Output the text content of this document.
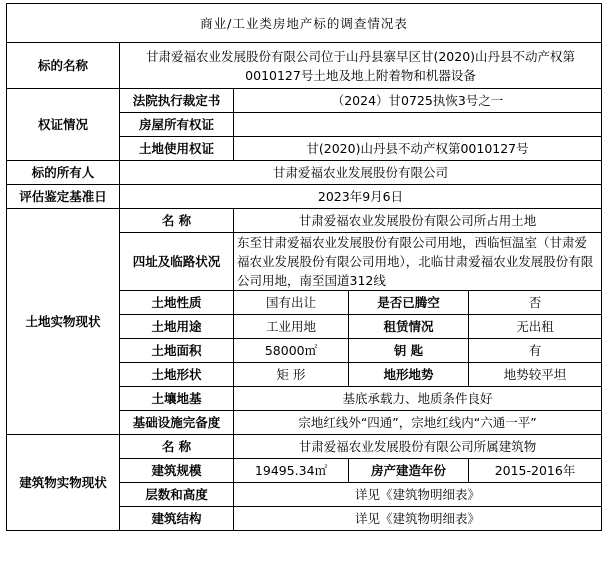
商业/工业类房地产标的调查情况表				
标的名称	甘肃爱福农业发展股份有限公司位于山丹县寨早区甘(2020)山丹县不动产权第0010127号土地及地上附着物和机器设备			
权证情况	法院执行裁定书	（2024）甘0725执恢3号之一		
	房屋所有权证			
	土地使用权证	甘(2020)山丹县不动产权第0010127号		
标的所有人	甘肃爱福农业发展股份有限公司			
评估鉴定基准日	2023年9月6日			
土地实物现状	名 称	甘肃爱福农业发展股份有限公司所占用土地		
	四址及临路状况	东至甘肃爱福农业发展股份有限公司用地，西临恒温室（甘肃爱福农业发展股份有限公司用地），北临甘肃爱福农业发展股份有限公司用地，南至国道312线		
	土地性质	国有出让	是否已腾空	否
	土地用途	工业用地	租赁情况	无出租
	土地面积	58000㎡	钥 匙	有
	土地形状	矩 形	地形地势	地势较平坦
	土壤地基	基底承载力、地质条件良好		
	基础设施完备度	宗地红线外“四通”，宗地红线内“六通一平”		
建筑物实物现状	名 称	甘肃爱福农业发展股份有限公司所属建筑物		
	建筑规模	19495.34㎡	房产建造年份	2015-2016年
	层数和高度	详见《建筑物明细表》		
	建筑结构	详见《建筑物明细表》		
